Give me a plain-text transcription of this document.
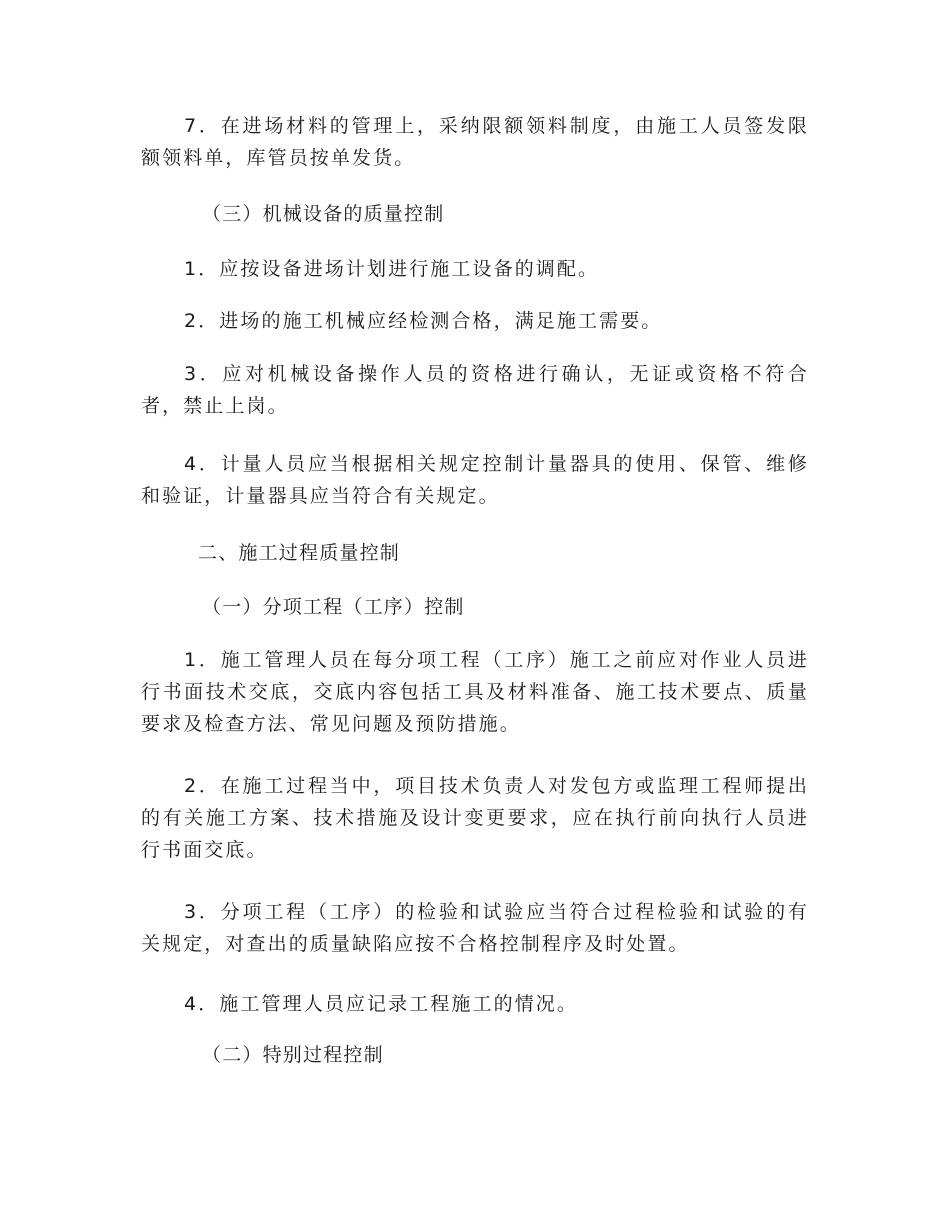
7．在进场材料的管理上，采纳限额领料制度，由施工人员签发限额领料单，库管员按单发货。

（三）机械设备的质量控制

1．应按设备进场计划进行施工设备的调配。

2．进场的施工机械应经检测合格，满足施工需要。

3．应对机械设备操作人员的资格进行确认，无证或资格不符合者，禁止上岗。

4．计量人员应当根据相关规定控制计量器具的使用、保管、维修和验证，计量器具应当符合有关规定。

二、施工过程质量控制

（一）分项工程（工序）控制

1．施工管理人员在每分项工程（工序）施工之前应对作业人员进行书面技术交底，交底内容包括工具及材料准备、施工技术要点、质量要求及检查方法、常见问题及预防措施。

2．在施工过程当中，项目技术负责人对发包方或监理工程师提出的有关施工方案、技术措施及设计变更要求，应在执行前向执行人员进行书面交底。

3．分项工程（工序）的检验和试验应当符合过程检验和试验的有关规定，对查出的质量缺陷应按不合格控制程序及时处置。

4．施工管理人员应记录工程施工的情况。

（二）特别过程控制
